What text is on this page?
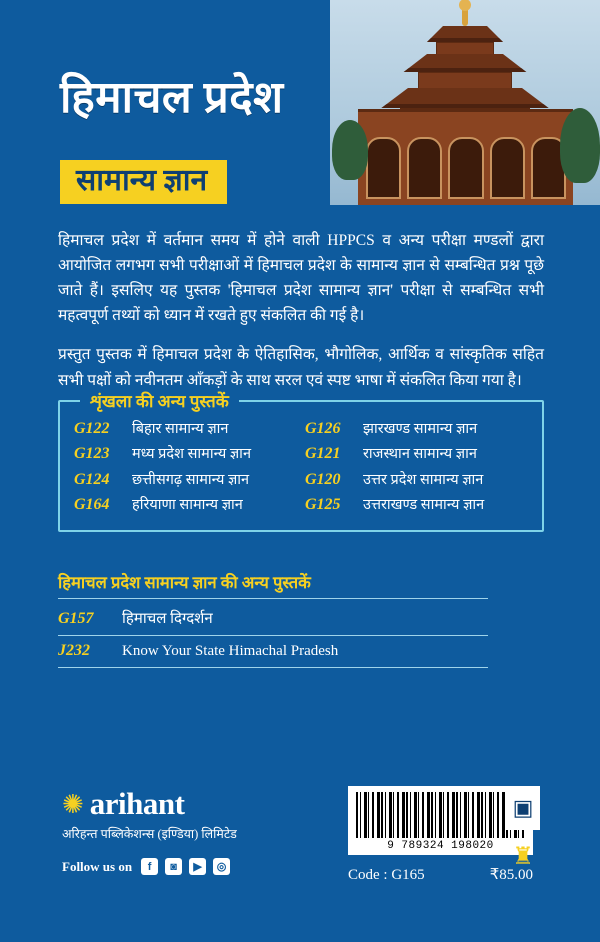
हिमाचल प्रदेश
सामान्य ज्ञान

हिमाचल प्रदेश में वर्तमान समय में होने वाली HPPCS व अन्य परीक्षा मण्डलों द्वारा आयोजित लगभग सभी परीक्षाओं में हिमाचल प्रदेश के सामान्य ज्ञान से सम्बन्धित प्रश्न पूछे जाते हैं। इसलिए यह पुस्तक 'हिमाचल प्रदेश सामान्य ज्ञान' परीक्षा से सम्बन्धित सभी महत्वपूर्ण तथ्यों को ध्यान में रखते हुए संकलित की गई है।

प्रस्तुत पुस्तक में हिमाचल प्रदेश के ऐतिहासिक, भौगोलिक, आर्थिक व सांस्कृतिक सहित सभी पक्षों को नवीनतम आँकड़ों के साथ सरल एवं स्पष्ट भाषा में संकलित किया गया है।

शृंखला की अन्य पुस्तकें
G122	बिहार सामान्य ज्ञान	G126	झारखण्ड सामान्य ज्ञान
G123	मध्य प्रदेश सामान्य ज्ञान	G121	राजस्थान सामान्य ज्ञान
G124	छत्तीसगढ़ सामान्य ज्ञान	G120	उत्तर प्रदेश सामान्य ज्ञान
G164	हरियाणा सामान्य ज्ञान	G125	उत्तराखण्ड सामान्य ज्ञान
हिमाचल प्रदेश सामान्य ज्ञान की अन्य पुस्तकें
G157	हिमाचल दिग्दर्शन
J232	Know Your State Himachal Pradesh
✺ arihant
अरिहन्त पब्लिकेशन्स (इण्डिया) लिमिटेड
Follow us on	f	◙	▶	◎
▣
♜
9 789324 198020
Code : G165	₹85.00
